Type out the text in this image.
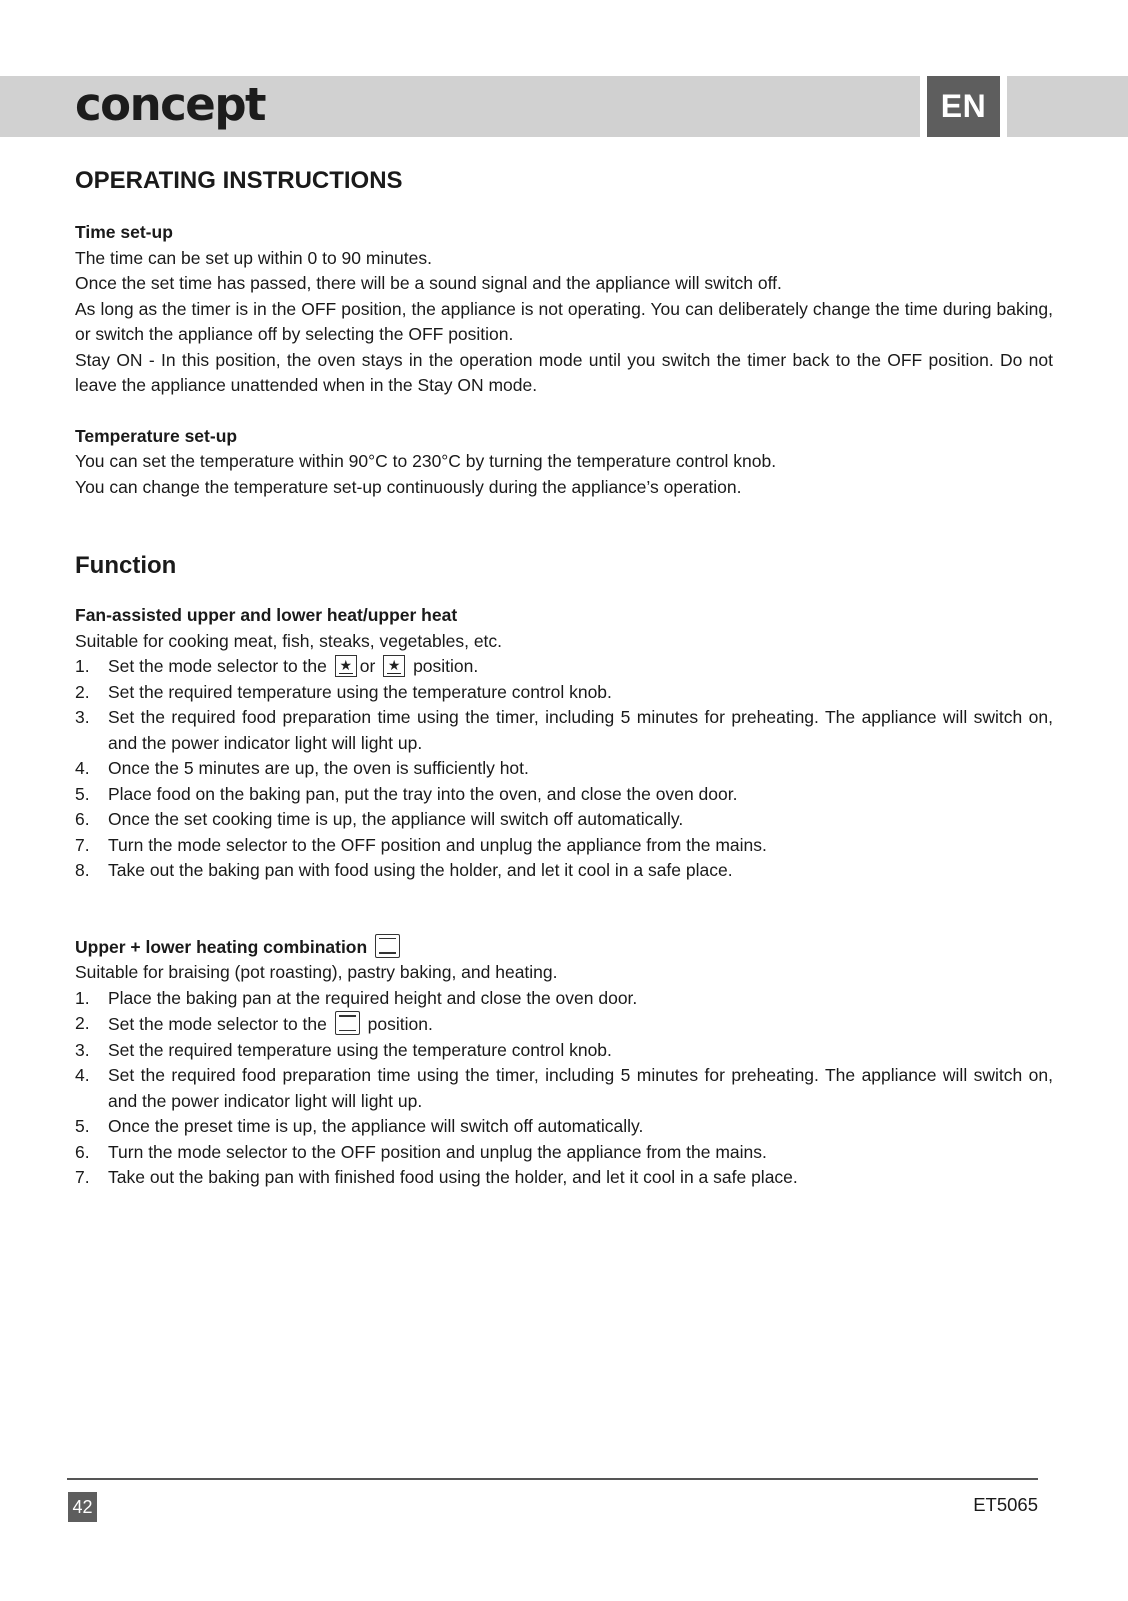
concept	EN
OPERATING INSTRUCTIONS
Time set-up

The time can be set up within 0 to 90 minutes.

Once the set time has passed, there will be a sound signal and the appliance will switch off.

As long as the timer is in the OFF position, the appliance is not operating. You can deliberately change the time during baking, or switch the appliance off by selecting the OFF position.

Stay ON - In this position, the oven stays in the operation mode until you switch the timer back to the OFF position. Do not leave the appliance unattended when in the Stay ON mode.

Temperature set-up

You can set the temperature within 90°C to 230°C by turning the temperature control knob.

You can change the temperature set-up continuously during the appliance’s operation.

Function
Fan-assisted upper and lower heat/upper heat

Suitable for cooking meat, fish, steaks, vegetables, etc.

1. Set the mode selector to the ★ or ★ position.
2. Set the required temperature using the temperature control knob.
3. Set the required food preparation time using the timer, including 5 minutes for preheating. The appliance will switch on, and the power indicator light will light up.
4. Once the 5 minutes are up, the oven is sufficiently hot.
5. Place food on the baking pan, put the tray into the oven, and close the oven door.
6. Once the set cooking time is up, the appliance will switch off automatically.
7. Turn the mode selector to the OFF position and unplug the appliance from the mains.
8. Take out the baking pan with food using the holder, and let it cool in a safe place.
Upper + lower heating combination

Suitable for braising (pot roasting), pastry baking, and heating.

1. Place the baking pan at the required height and close the oven door.
2. Set the mode selector to the position.
3. Set the required temperature using the temperature control knob.
4. Set the required food preparation time using the timer, including 5 minutes for preheating. The appliance will switch on, and the power indicator light will light up.
5. Once the preset time is up, the appliance will switch off automatically.
6. Turn the mode selector to the OFF position and unplug the appliance from the mains.
7. Take out the baking pan with finished food using the holder, and let it cool in a safe place.
42	ET5065
